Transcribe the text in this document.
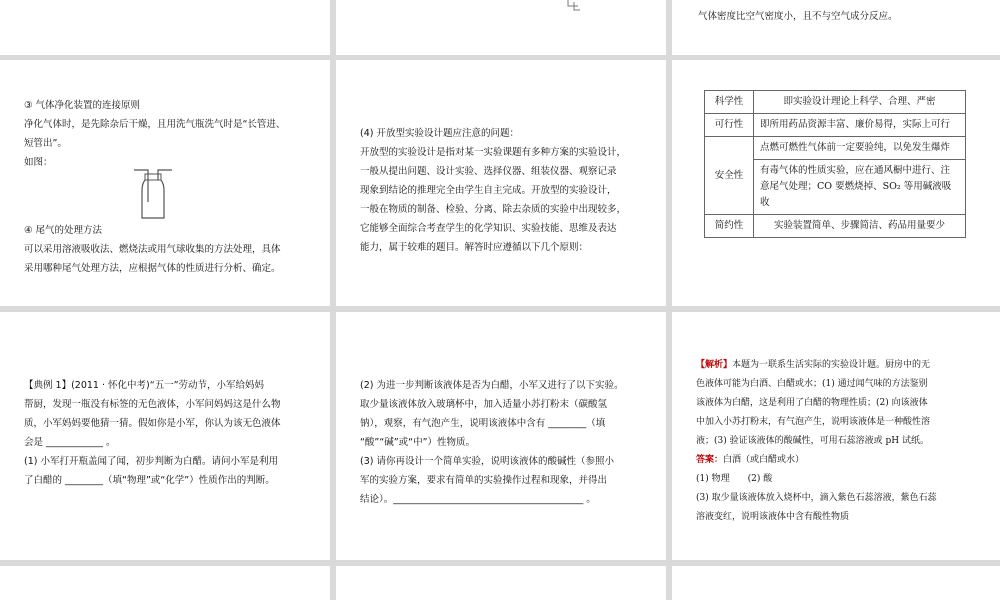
气体密度比空气密度小，且不与空气成分反应。

③ 气体净化装置的连接原则

净化气体时，是先除杂后干燥，且用洗气瓶洗气时是“长管进、

短管出”。

如图：

④ 尾气的处理方法

可以采用溶液吸收法、燃烧法或用气球收集的方法处理，具体

采用哪种尾气处理方法，应根据气体的性质进行分析、确定。

(4) 开放型实验设计题应注意的问题：

开放型的实验设计是指对某一实验课题有多种方案的实验设计，

一般从提出问题、设计实验、选择仪器、组装仪器、观察记录

现象到结论的推理完全由学生自主完成。开放型的实验设计，

一般在物质的制备、检验、分离、除去杂质的实验中出现较多，

它能够全面综合考查学生的化学知识、实验技能、思维及表达

能力，属于较难的题目。解答时应遵循以下几个原则：

科学性	即实验设计理论上科学、合理、严密
可行性	即所用药品资源丰富、廉价易得，实际上可行
安全性	点燃可燃性气体前一定要验纯，以免发生爆炸
	有毒气体的性质实验，应在通风橱中进行、注意尾气处理；CO 要燃烧掉、SO₂ 等用碱液吸收
简约性	实验装置简单、步骤简洁、药品用量要少

【典例 1】(2011 · 怀化中考)“五一”劳动节，小军给妈妈

帮厨，发现一瓶没有标签的无色液体，小军问妈妈这是什么物

质，小军妈妈要他猜一猜。假如你是小军，你认为该无色液体

会是 ____________ 。

(1) 小军打开瓶盖闻了闻，初步判断为白醋。请问小军是利用

了白醋的 ________（填“物理”或“化学”）性质作出的判断。

(2) 为进一步判断该液体是否为白醋，小军又进行了以下实验。

取少量该液体放入玻璃杯中，加入适量小苏打粉末（碳酸氢

钠），观察，有气泡产生，说明该液体中含有 ________（填

“酸”“碱”或“中”）性物质。

(3) 请你再设计一个简单实验，说明该液体的酸碱性（参照小

军的实验方案，要求有简单的实验操作过程和现象，并得出

结论）。________________________________________ 。

【解析】本题为一联系生活实际的实验设计题。厨房中的无

色液体可能为白酒、白醋或水；(1) 通过闻气味的方法鉴别

该液体为白醋，这是利用了白醋的物理性质；(2) 向该液体

中加入小苏打粉末，有气泡产生，说明该液体是一种酸性溶

液；(3) 验证该液体的酸碱性，可用石蕊溶液或 pH 试纸。

答案：白酒（或白醋或水）

(1) 物理　　(2) 酸

(3) 取少量该液体放入烧杯中，滴入紫色石蕊溶液，紫色石蕊

溶液变红，说明该液体中含有酸性物质
